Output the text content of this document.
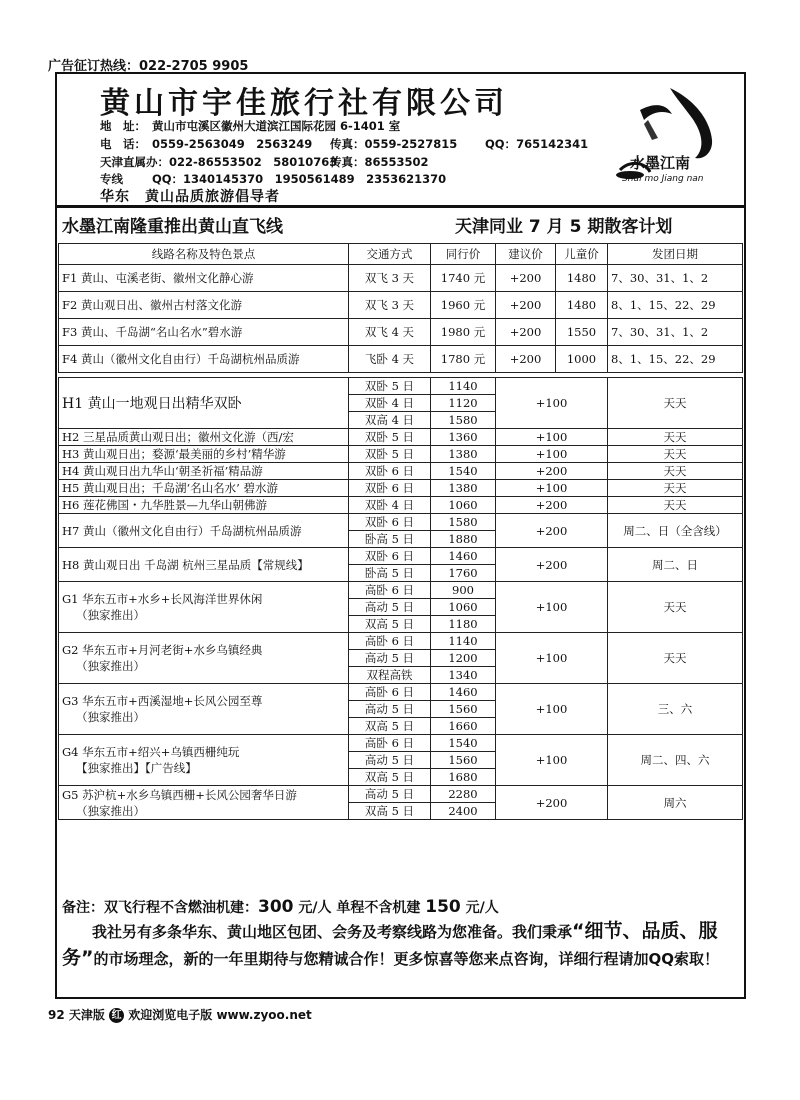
广告征订热线：022-2705 9905
黄山市宇佳旅行社有限公司
地　址： 黄山市屯溪区徽州大道滨江国际花园 6-1401 室
电　话： 0559-2563049　2563249 传真：0559-2527815 QQ：765142341
天津直属办：022-86553502　58010763
传真：86553502
专线	QQ：1340145370　1950561489　2353621370
华东　黄山品质旅游倡导者
水墨江南
Shui mo Jiang nan
水墨江南隆重推出黄山直飞线	天津同业 7 月 5 期散客计划
线路名称及特色景点	交通方式	同行价	建议价	儿童价	发团日期
F1 黄山、屯溪老街、徽州文化静心游	双飞 3 天	1740 元	+200	1480	7、30、31、1、2
F2 黄山观日出、徽州古村落文化游	双飞 3 天	1960 元	+200	1480	8、1、15、22、29
F3 黄山、千岛湖“名山名水”碧水游	双飞 4 天	1980 元	+200	1550	7、30、31、1、2
F4 黄山（徽州文化自由行）千岛湖杭州品质游	飞卧 4 天	1780 元	+200	1000	8、1、15、22、29

H1 黄山一地观日出精华双卧	双卧 5 日	1140	+100		天天
	双卧 4 日	1120			
	双高 4 日	1580			

H2 三星品质黄山观日出；徽州文化游（西/宏	双卧 5 日	1360	+100		天天

H3 黄山观日出；婺源‘最美丽的乡村’精华游	双卧 5 日	1380	+100		天天

H4 黄山观日出九华山‘朝圣祈福’精品游	双卧 6 日	1540	+200		天天

H5 黄山观日出；千岛湖‘名山名水’ 碧水游	双卧 6 日	1380	+100		天天

H6 莲花佛国・九华胜景—九华山朝佛游	双卧 4 日	1060	+200		天天

H7 黄山（徽州文化自由行）千岛湖杭州品质游	双卧 6 日	1580	+200		周二、日（全含线）
	卧高 5 日	1880			

H8 黄山观日出 千岛湖 杭州三星品质【常规线】	双卧 6 日	1460	+200		周二、日
	卧高 5 日	1760			

G1 华东五市+水乡+长风海洋世界休闲
（独家推出）	高卧 6 日	900	+100		天天
	高动 5 日	1060			
	双高 5 日	1180			

G2 华东五市+月河老街+水乡乌镇经典
（独家推出）	高卧 6 日	1140	+100		天天
	高动 5 日	1200			
	双程高铁	1340			

G3 华东五市+西溪湿地+长风公园至尊
（独家推出）	高卧 6 日	1460	+100		三、六
	高动 5 日	1560			
	双高 5 日	1660			

G4 华东五市+绍兴+乌镇西栅纯玩
【独家推出】【广告线】	高卧 6 日	1540	+100		周二、四、六
	高动 5 日	1560			
	双高 5 日	1680			

G5 苏沪杭+水乡乌镇西栅+长风公园奢华日游
（独家推出）	高动 5 日	2280	+200		周六
	双高 5 日	2400			
备注：双飞行程不含燃油机建：300 元/人 单程不含机建 150 元/人
我社另有多条华东、黄山地区包团、会务及考察线路为您准备。我们秉承“细节、品质、服务”的市场理念，新的一年里期待与您精诚合作！更多惊喜等您来点咨询，详细行程请加QQ索取！
92 天津版 红 欢迎浏览电子版 www.zyoo.net
